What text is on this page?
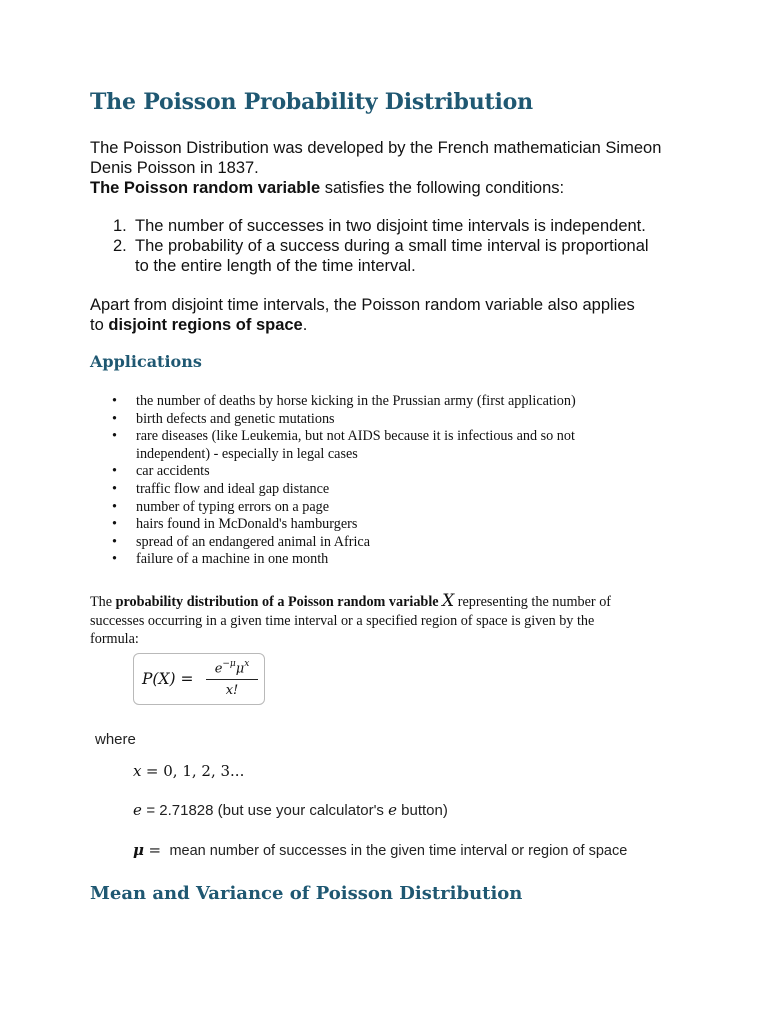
The Poisson Probability Distribution
The Poisson Distribution was developed by the French mathematician Simeon
Denis Poisson in 1837.
The Poisson random variable satisfies the following conditions:
1. The number of successes in two disjoint time intervals is independent.
2. The probability of a success during a small time interval is proportional
to the entire length of the time interval.
Apart from disjoint time intervals, the Poisson random variable also applies
to disjoint regions of space.
Applications
• the number of deaths by horse kicking in the Prussian army (first application)
• birth defects and genetic mutations
• rare diseases (like Leukemia, but not AIDS because it is infectious and so not
independent) - especially in legal cases
• car accidents
• traffic flow and ideal gap distance
• number of typing errors on a page
• hairs found in McDonald's hamburgers
• spread of an endangered animal in Africa
• failure of a machine in one month
The probability distribution of a Poisson random variable X representing the number of
successes occurring in a given time interval or a specified region of space is given by the
formula:
P(X) =
$e^{-\mu}\mu^x$
x!
where
x = 0, 1, 2, 3...
e = 2.71828 (but use your calculator's e button)
μ = mean number of successes in the given time interval or region of space
Mean and Variance of Poisson Distribution
